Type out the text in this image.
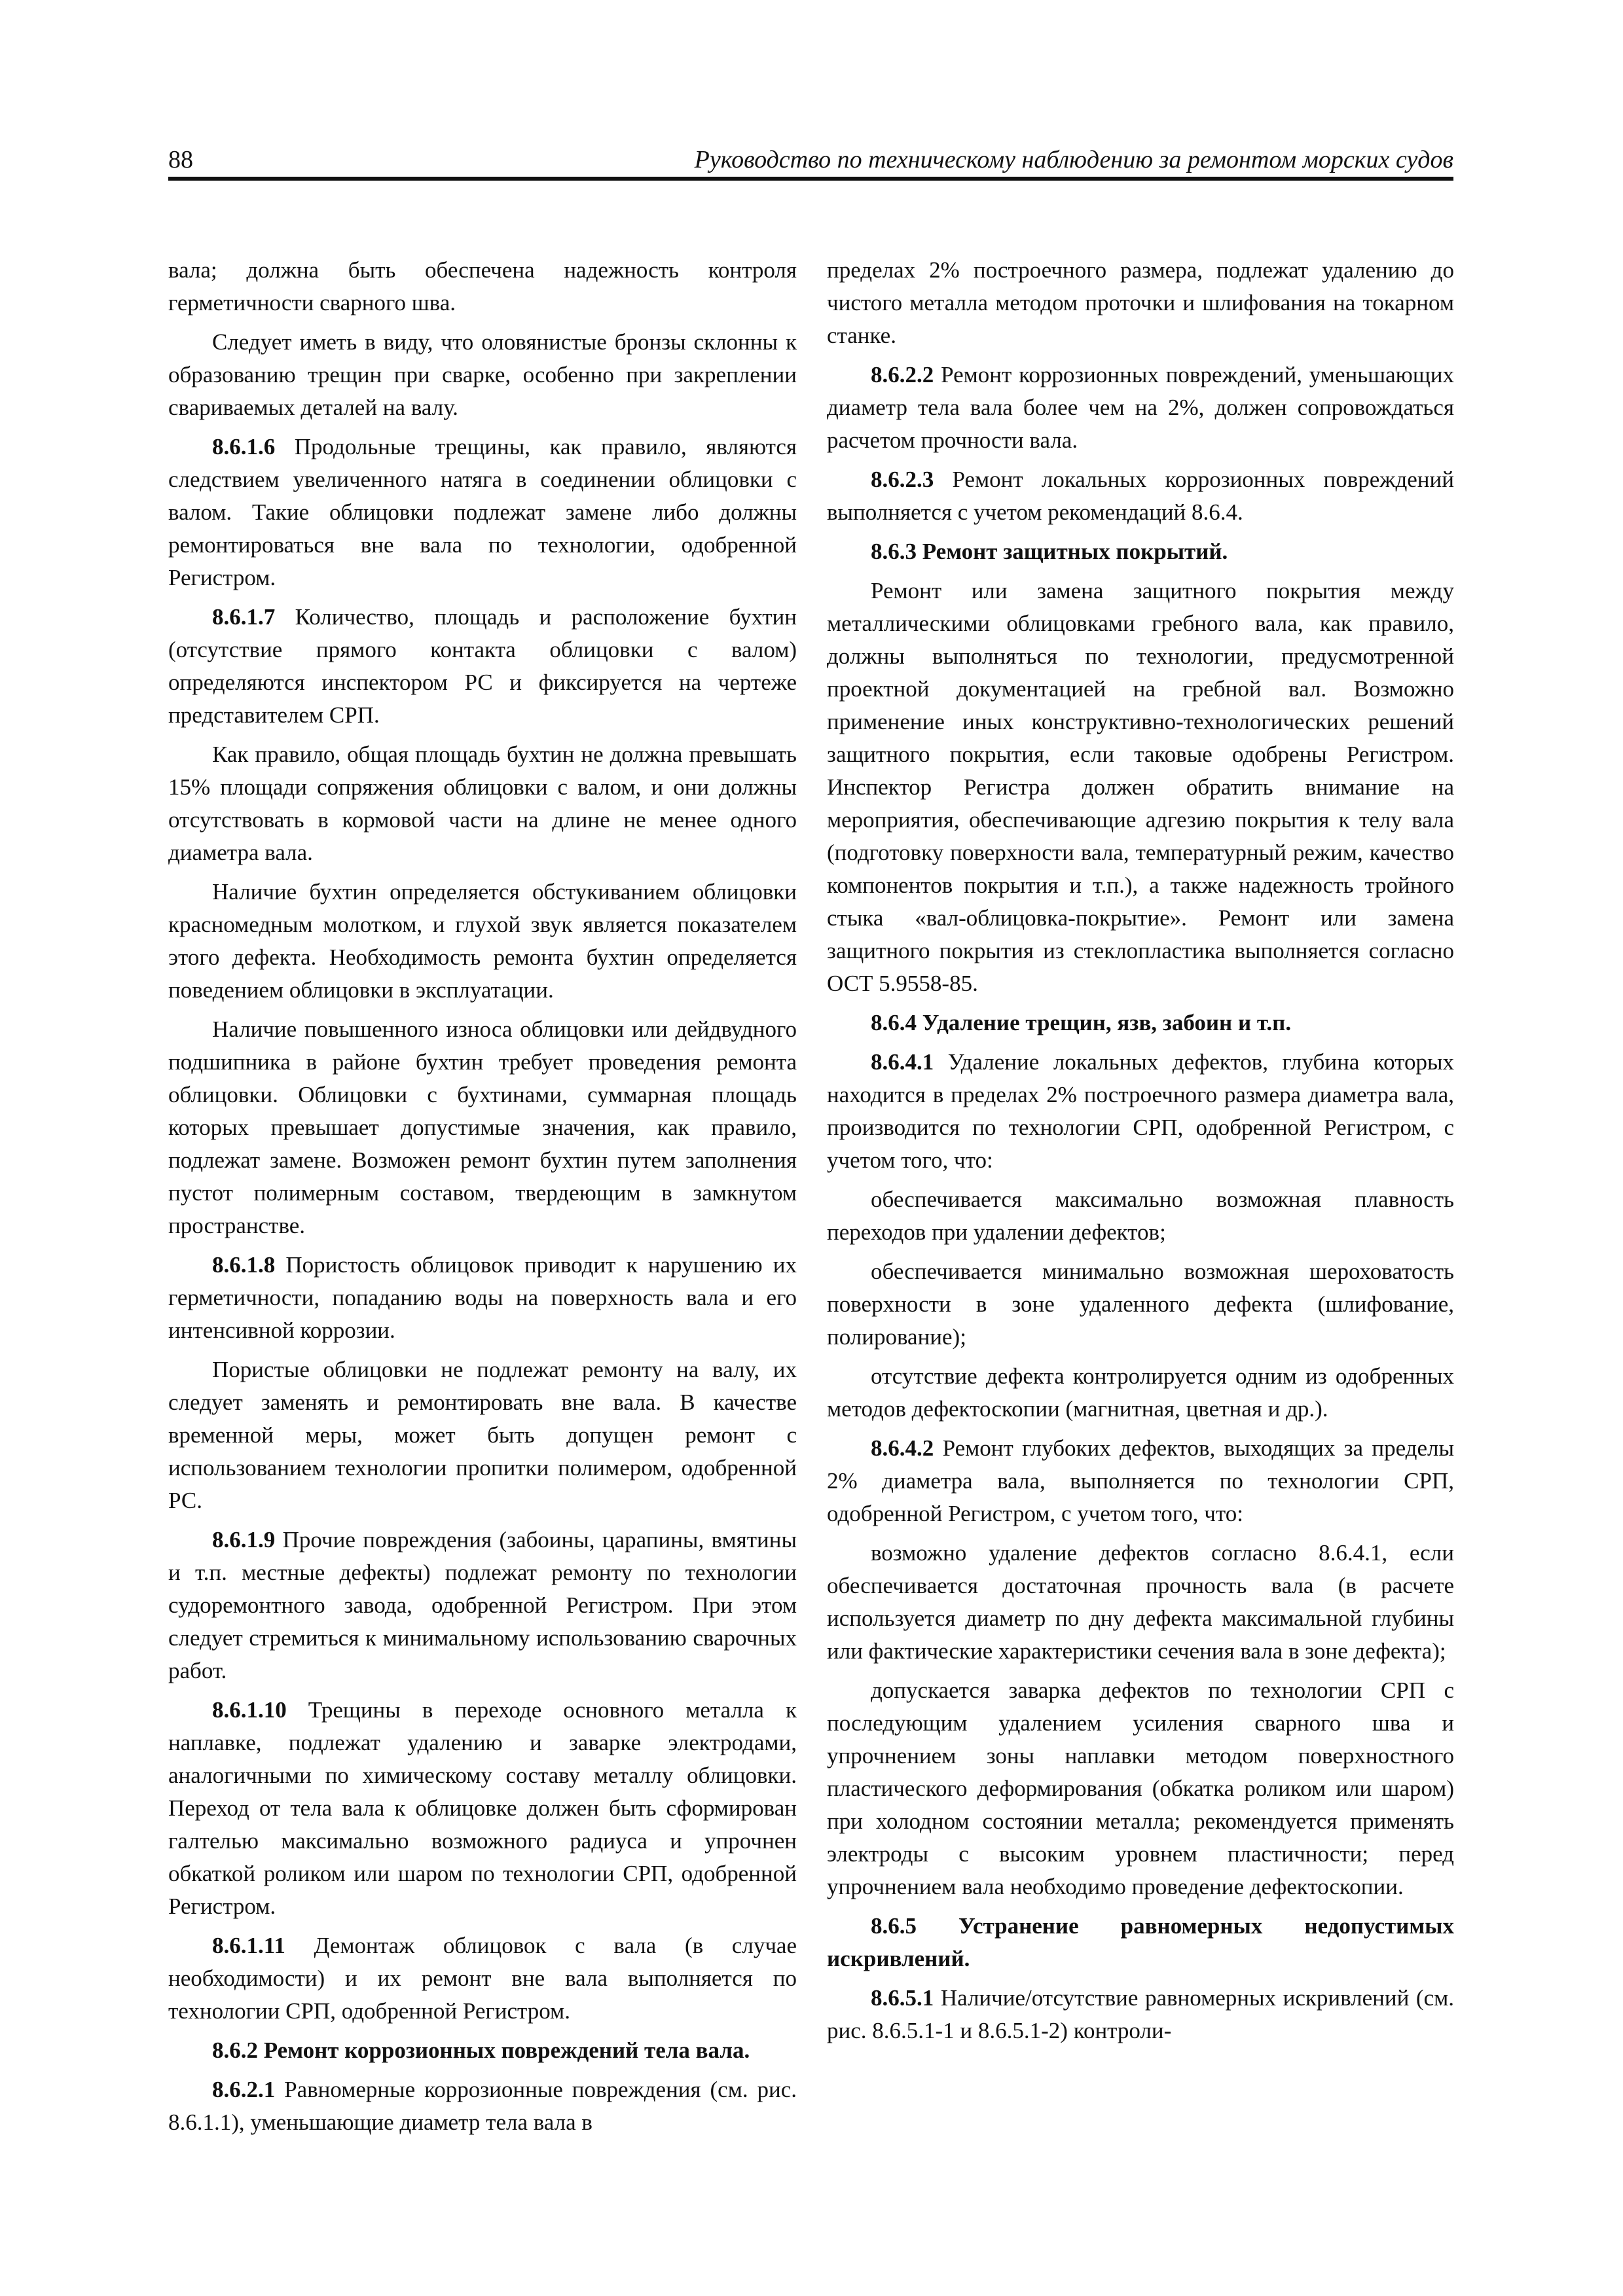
88	Руководство по техническому наблюдению за ремонтом морских судов

вала; должна быть обеспечена надежность контроля герметичности сварного шва.

Следует иметь в виду, что оловянистые бронзы склонны к образованию трещин при сварке, особенно при закреплении свариваемых деталей на валу.

8.6.1.6 Продольные трещины, как правило, являются следствием увеличенного натяга в соединении облицовки с валом. Такие облицовки подлежат замене либо должны ремонтироваться вне вала по технологии, одобренной Регистром.

8.6.1.7 Количество, площадь и расположение бухтин (отсутствие прямого контакта облицовки с валом) определяются инспектором РС и фиксируется на чертеже представителем СРП.

Как правило, общая площадь бухтин не должна превышать 15% площади сопряжения облицовки с валом, и они должны отсутствовать в кормовой части на длине не менее одного диаметра вала.

Наличие бухтин определяется обстукиванием облицовки красномедным молотком, и глухой звук является показателем этого дефекта. Необходимость ремонта бухтин определяется поведением облицовки в эксплуатации.

Наличие повышенного износа облицовки или дейдвудного подшипника в районе бухтин требует проведения ремонта облицовки. Облицовки с бухтинами, суммарная площадь которых превышает допустимые значения, как правило, подлежат замене. Возможен ремонт бухтин путем заполнения пустот полимерным составом, твердеющим в замкнутом пространстве.

8.6.1.8 Пористость облицовок приводит к нарушению их герметичности, попаданию воды на поверхность вала и его интенсивной коррозии.

Пористые облицовки не подлежат ремонту на валу, их следует заменять и ремонтировать вне вала. В качестве временной меры, может быть допущен ремонт с использованием технологии пропитки полимером, одобренной РС.

8.6.1.9 Прочие повреждения (забоины, царапины, вмятины и т.п. местные дефекты) подлежат ремонту по технологии судоремонтного завода, одобренной Регистром. При этом следует стремиться к минимальному использованию сварочных работ.

8.6.1.10 Трещины в переходе основного металла к наплавке, подлежат удалению и заварке электродами, аналогичными по химическому составу металлу облицовки. Переход от тела вала к облицовке должен быть сформирован галтелью максимально возможного радиуса и упрочнен обкаткой роликом или шаром по технологии СРП, одобренной Регистром.

8.6.1.11 Демонтаж облицовок с вала (в случае необходимости) и их ремонт вне вала выполняется по технологии СРП, одобренной Регистром.

8.6.2 Ремонт коррозионных повреждений тела вала.

8.6.2.1 Равномерные коррозионные повреждения (см. рис. 8.6.1.1), уменьшающие диаметр тела вала в

пределах 2% построечного размера, подлежат удалению до чистого металла методом проточки и шлифования на токарном станке.

8.6.2.2 Ремонт коррозионных повреждений, уменьшающих диаметр тела вала более чем на 2%, должен сопровождаться расчетом прочности вала.

8.6.2.3 Ремонт локальных коррозионных повреждений выполняется с учетом рекомендаций 8.6.4.

8.6.3 Ремонт защитных покрытий.

Ремонт или замена защитного покрытия между металлическими облицовками гребного вала, как правило, должны выполняться по технологии, предусмотренной проектной документацией на гребной вал. Возможно применение иных конструктивно-технологических решений защитного покрытия, если таковые одобрены Регистром. Инспектор Регистра должен обратить внимание на мероприятия, обеспечивающие адгезию покрытия к телу вала (подготовку поверхности вала, температурный режим, качество компонентов покрытия и т.п.), а также надежность тройного стыка «вал-облицовка-покрытие». Ремонт или замена защитного покрытия из стеклопластика выполняется согласно ОСТ 5.9558-85.

8.6.4 Удаление трещин, язв, забоин и т.п.

8.6.4.1 Удаление локальных дефектов, глубина которых находится в пределах 2% построечного размера диаметра вала, производится по технологии СРП, одобренной Регистром, с учетом того, что:

обеспечивается максимально возможная плавность переходов при удалении дефектов;

обеспечивается минимально возможная шероховатость поверхности в зоне удаленного дефекта (шлифование, полирование);

отсутствие дефекта контролируется одним из одобренных методов дефектоскопии (магнитная, цветная и др.).

8.6.4.2 Ремонт глубоких дефектов, выходящих за пределы 2% диаметра вала, выполняется по технологии СРП, одобренной Регистром, с учетом того, что:

возможно удаление дефектов согласно 8.6.4.1, если обеспечивается достаточная прочность вала (в расчете используется диаметр по дну дефекта максимальной глубины или фактические характеристики сечения вала в зоне дефекта);

допускается заварка дефектов по технологии СРП с последующим удалением усиления сварного шва и упрочнением зоны наплавки методом поверхностного пластического деформирования (обкатка роликом или шаром) при холодном состоянии металла; рекомендуется применять электроды с высоким уровнем пластичности; перед упрочнением вала необходимо проведение дефектоскопии.

8.6.5 Устранение равномерных недопустимых искривлений.

8.6.5.1 Наличие/отсутствие равномерных искривлений (см. рис. 8.6.5.1-1 и 8.6.5.1-2) контроли-
